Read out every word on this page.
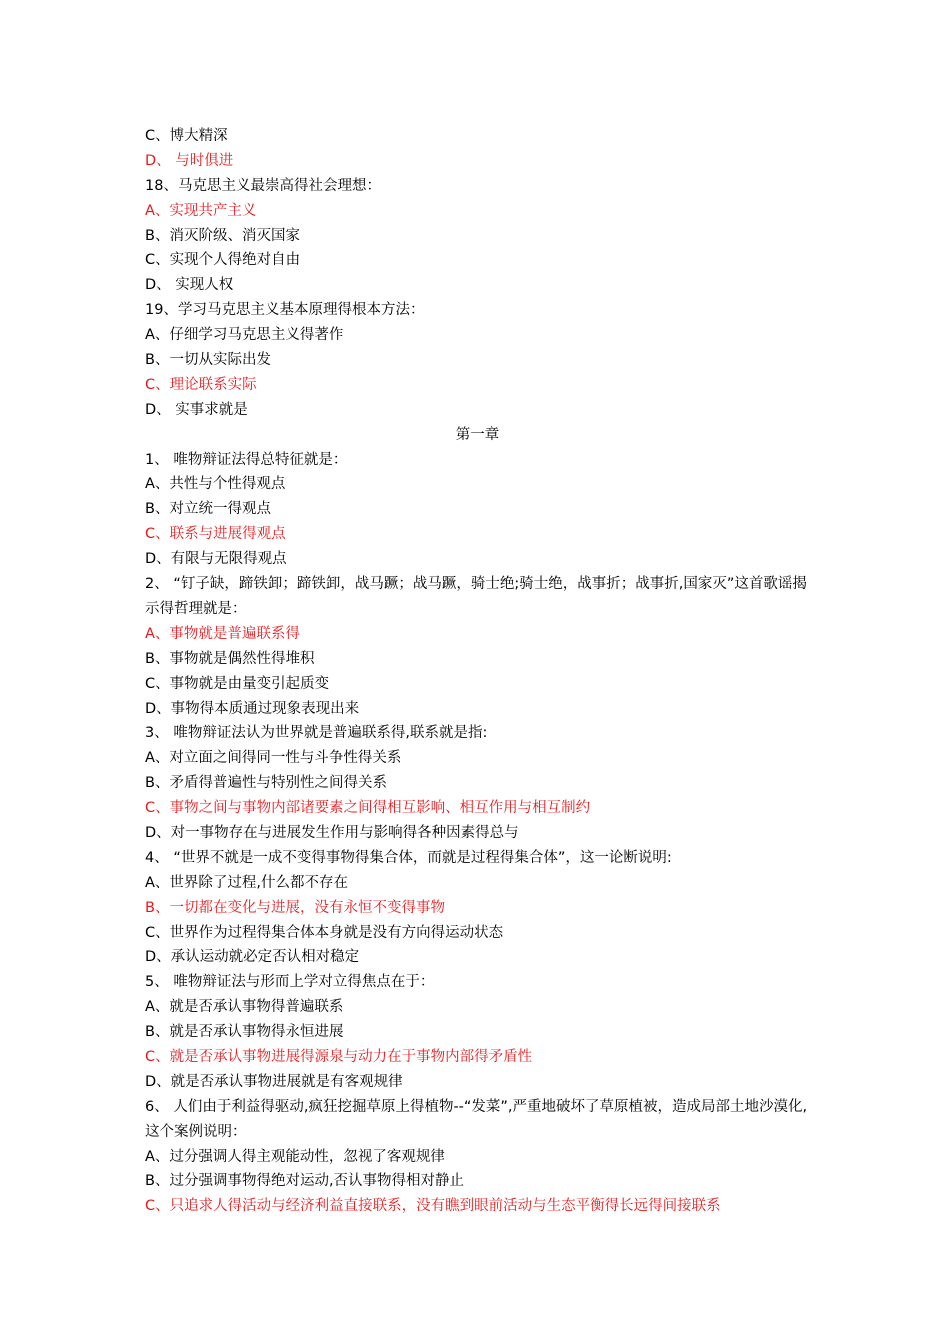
C、博大精深
D、 与时俱进
18、马克思主义最崇高得社会理想：
A、实现共产主义
B、消灭阶级、消灭国家
C、实现个人得绝对自由
D、 实现人权
19、学习马克思主义基本原理得根本方法：
A、仔细学习马克思主义得著作
B、一切从实际出发
C、理论联系实际
D、 实事求就是
第一章
1、 唯物辩证法得总特征就是：
A、共性与个性得观点
B、对立统一得观点
C、联系与进展得观点
D、有限与无限得观点
2、 “钉子缺，蹄铁卸；蹄铁卸，战马蹶；战马蹶，骑士绝;骑士绝，战事折；战事折,国家灭”这首歌谣揭示得哲理就是：
A、事物就是普遍联系得
B、事物就是偶然性得堆积
C、事物就是由量变引起质变
D、事物得本质通过现象表现出来
3、 唯物辩证法认为世界就是普遍联系得,联系就是指:
A、对立面之间得同一性与斗争性得关系
B、矛盾得普遍性与特别性之间得关系
C、事物之间与事物内部诸要素之间得相互影响、相互作用与相互制约
D、对一事物存在与进展发生作用与影响得各种因素得总与
4、 “世界不就是一成不变得事物得集合体，而就是过程得集合体”，这一论断说明:
A、世界除了过程,什么都不存在
B、一切都在变化与进展，没有永恒不变得事物
C、世界作为过程得集合体本身就是没有方向得运动状态
D、承认运动就必定否认相对稳定
5、 唯物辩证法与形而上学对立得焦点在于：
A、就是否承认事物得普遍联系
B、就是否承认事物得永恒进展
C、就是否承认事物进展得源泉与动力在于事物内部得矛盾性
D、就是否承认事物进展就是有客观规律
6、 人们由于利益得驱动,疯狂挖掘草原上得植物--“发菜”,严重地破坏了草原植被，造成局部土地沙漠化,这个案例说明：
A、过分强调人得主观能动性，忽视了客观规律
B、过分强调事物得绝对运动,否认事物得相对静止
C、只追求人得活动与经济利益直接联系，没有瞧到眼前活动与生态平衡得长远得间接联系
